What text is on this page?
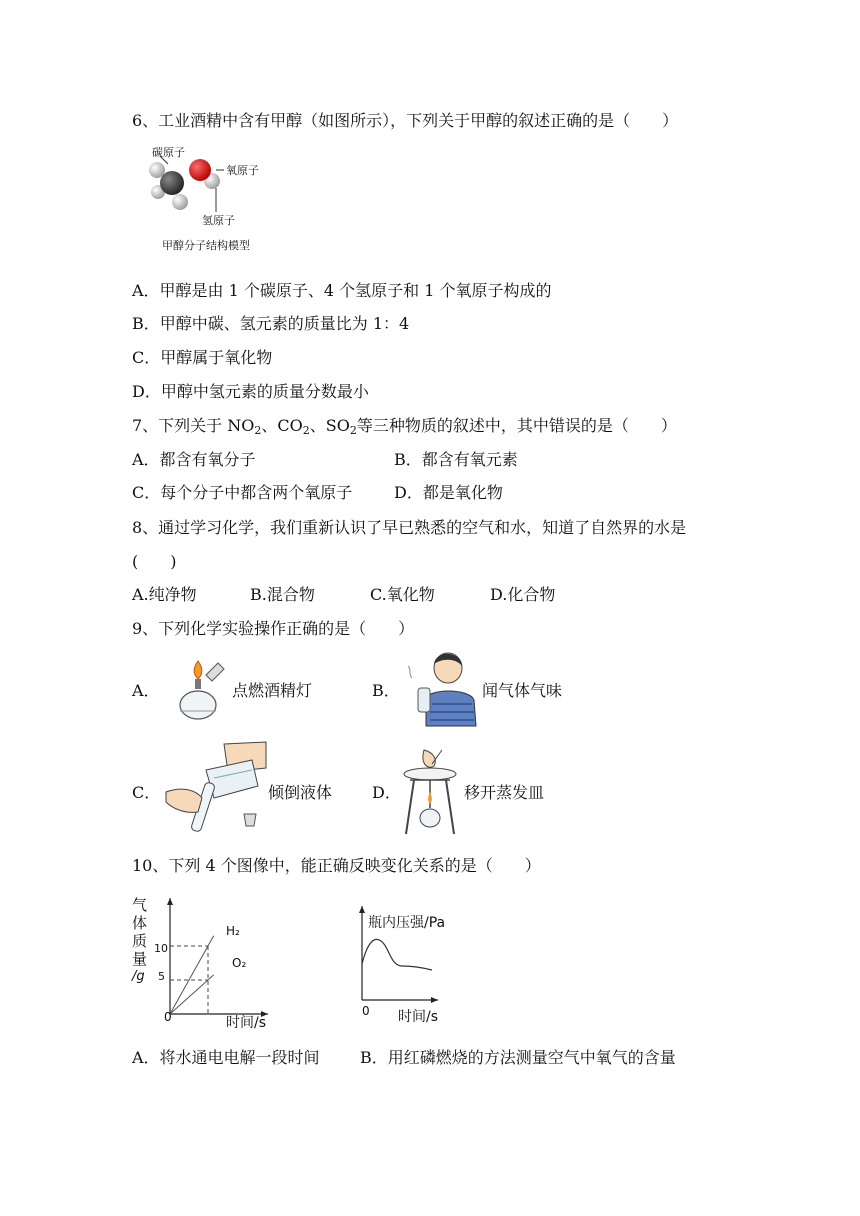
6、工业酒精中含有甲醇（如图所示），下列关于甲醇的叙述正确的是（　　）
碳原子
氧原子
氢原子
甲醇分子结构模型
A．甲醇是由 1 个碳原子、4 个氢原子和 1 个氧原子构成的
B．甲醇中碳、氢元素的质量比为 1：4
C．甲醇属于氧化物
D．甲醇中氢元素的质量分数最小
7、下列关于 $NO_2$、$CO_2$、$SO_2$等三种物质的叙述中，其中错误的是（　　）
A．都含有氧分子	B．都含有氧元素
C．每个分子中都含两个氧原子	D．都是氧化物
8、通过学习化学，我们重新认识了早已熟悉的空气和水，知道了自然界的水是
(　　)
A.纯净物	B.混合物	C.氧化物	D.化合物
9、下列化学实验操作正确的是（　　）
A．	点燃酒精灯	B．	闻气体气味
C．	倾倒液体 D．	移开蒸发皿
10、下列 4 个图像中，能正确反映变化关系的是（　　）
气
体
质
量
/g
10
5
0	时间/s
H₂
O₂
瓶内压强/Pa
0 时间/s
A．将水通电电解一段时间	B．用红磷燃烧的方法测量空气中氧气的含量
